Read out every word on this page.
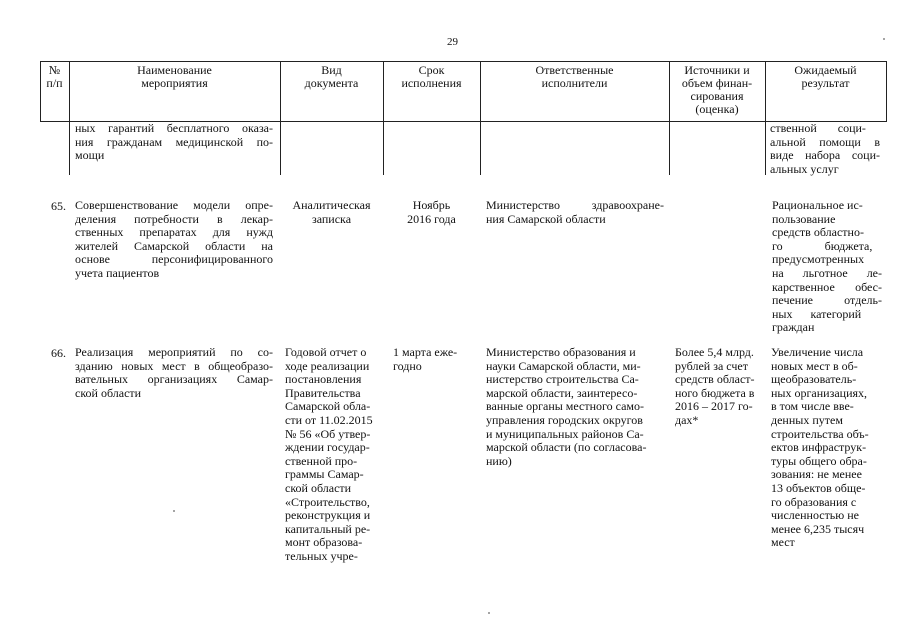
29
№
п/п
Наименование
мероприятия
Вид
документа
Срок
исполнения
Ответственные
исполнители
Источники и
объем финан-
сирования
(оценка)
Ожидаемый
результат
ных гарантий бесплатного оказа-
ния гражданам медицинской по-
мощи
ственной       соци-
альной помощи в
виде набора соци-
альных услуг
65. Совершенствование модели опре-
деления потребности в лекар-
ственных препаратах для нужд
жителей Самарской области на
основе персонифицированного
учета пациентов
Аналитическая
записка
Ноябрь
2016 года
Министерство здравоохране-
ния Самарской области
Рациональное ис-
пользование
средств областно-
го              бюджета,
предусмотренных
на льготное ле-
карственное обес-
печение отдель-
ных      категорий
граждан
66. Реализация мероприятий по со-
зданию новых мест в общеобразо-
вательных организациях Самар-
ской области
Годовой отчет о
ходе реализации
постановления
Правительства
Самарской обла-
сти от 11.02.2015
№ 56 «Об утвер-
ждении государ-
ственной про-
граммы Самар-
ской области
«Строительство,
реконструкция и
капитальный ре-
монт образова-
тельных учре-
1 марта еже-
годно
Министерство образования и
науки Самарской области, ми-
нистерство строительства Са-
марской области, заинтересо-
ванные органы местного само-
управления городских округов
и муниципальных районов Са-
марской области (по согласова-
нию)
Более 5,4 млрд.
рублей за счет
средств област-
ного бюджета в
2016 – 2017 го-
дах*
Увеличение числа
новых мест в об-
щеобразователь-
ных организациях,
в том числе вве-
денных путем
строительства объ-
ектов инфраструк-
туры общего обра-
зования: не менее
13 объектов обще-
го образования с
численностью не
менее 6,235 тысяч
мест
